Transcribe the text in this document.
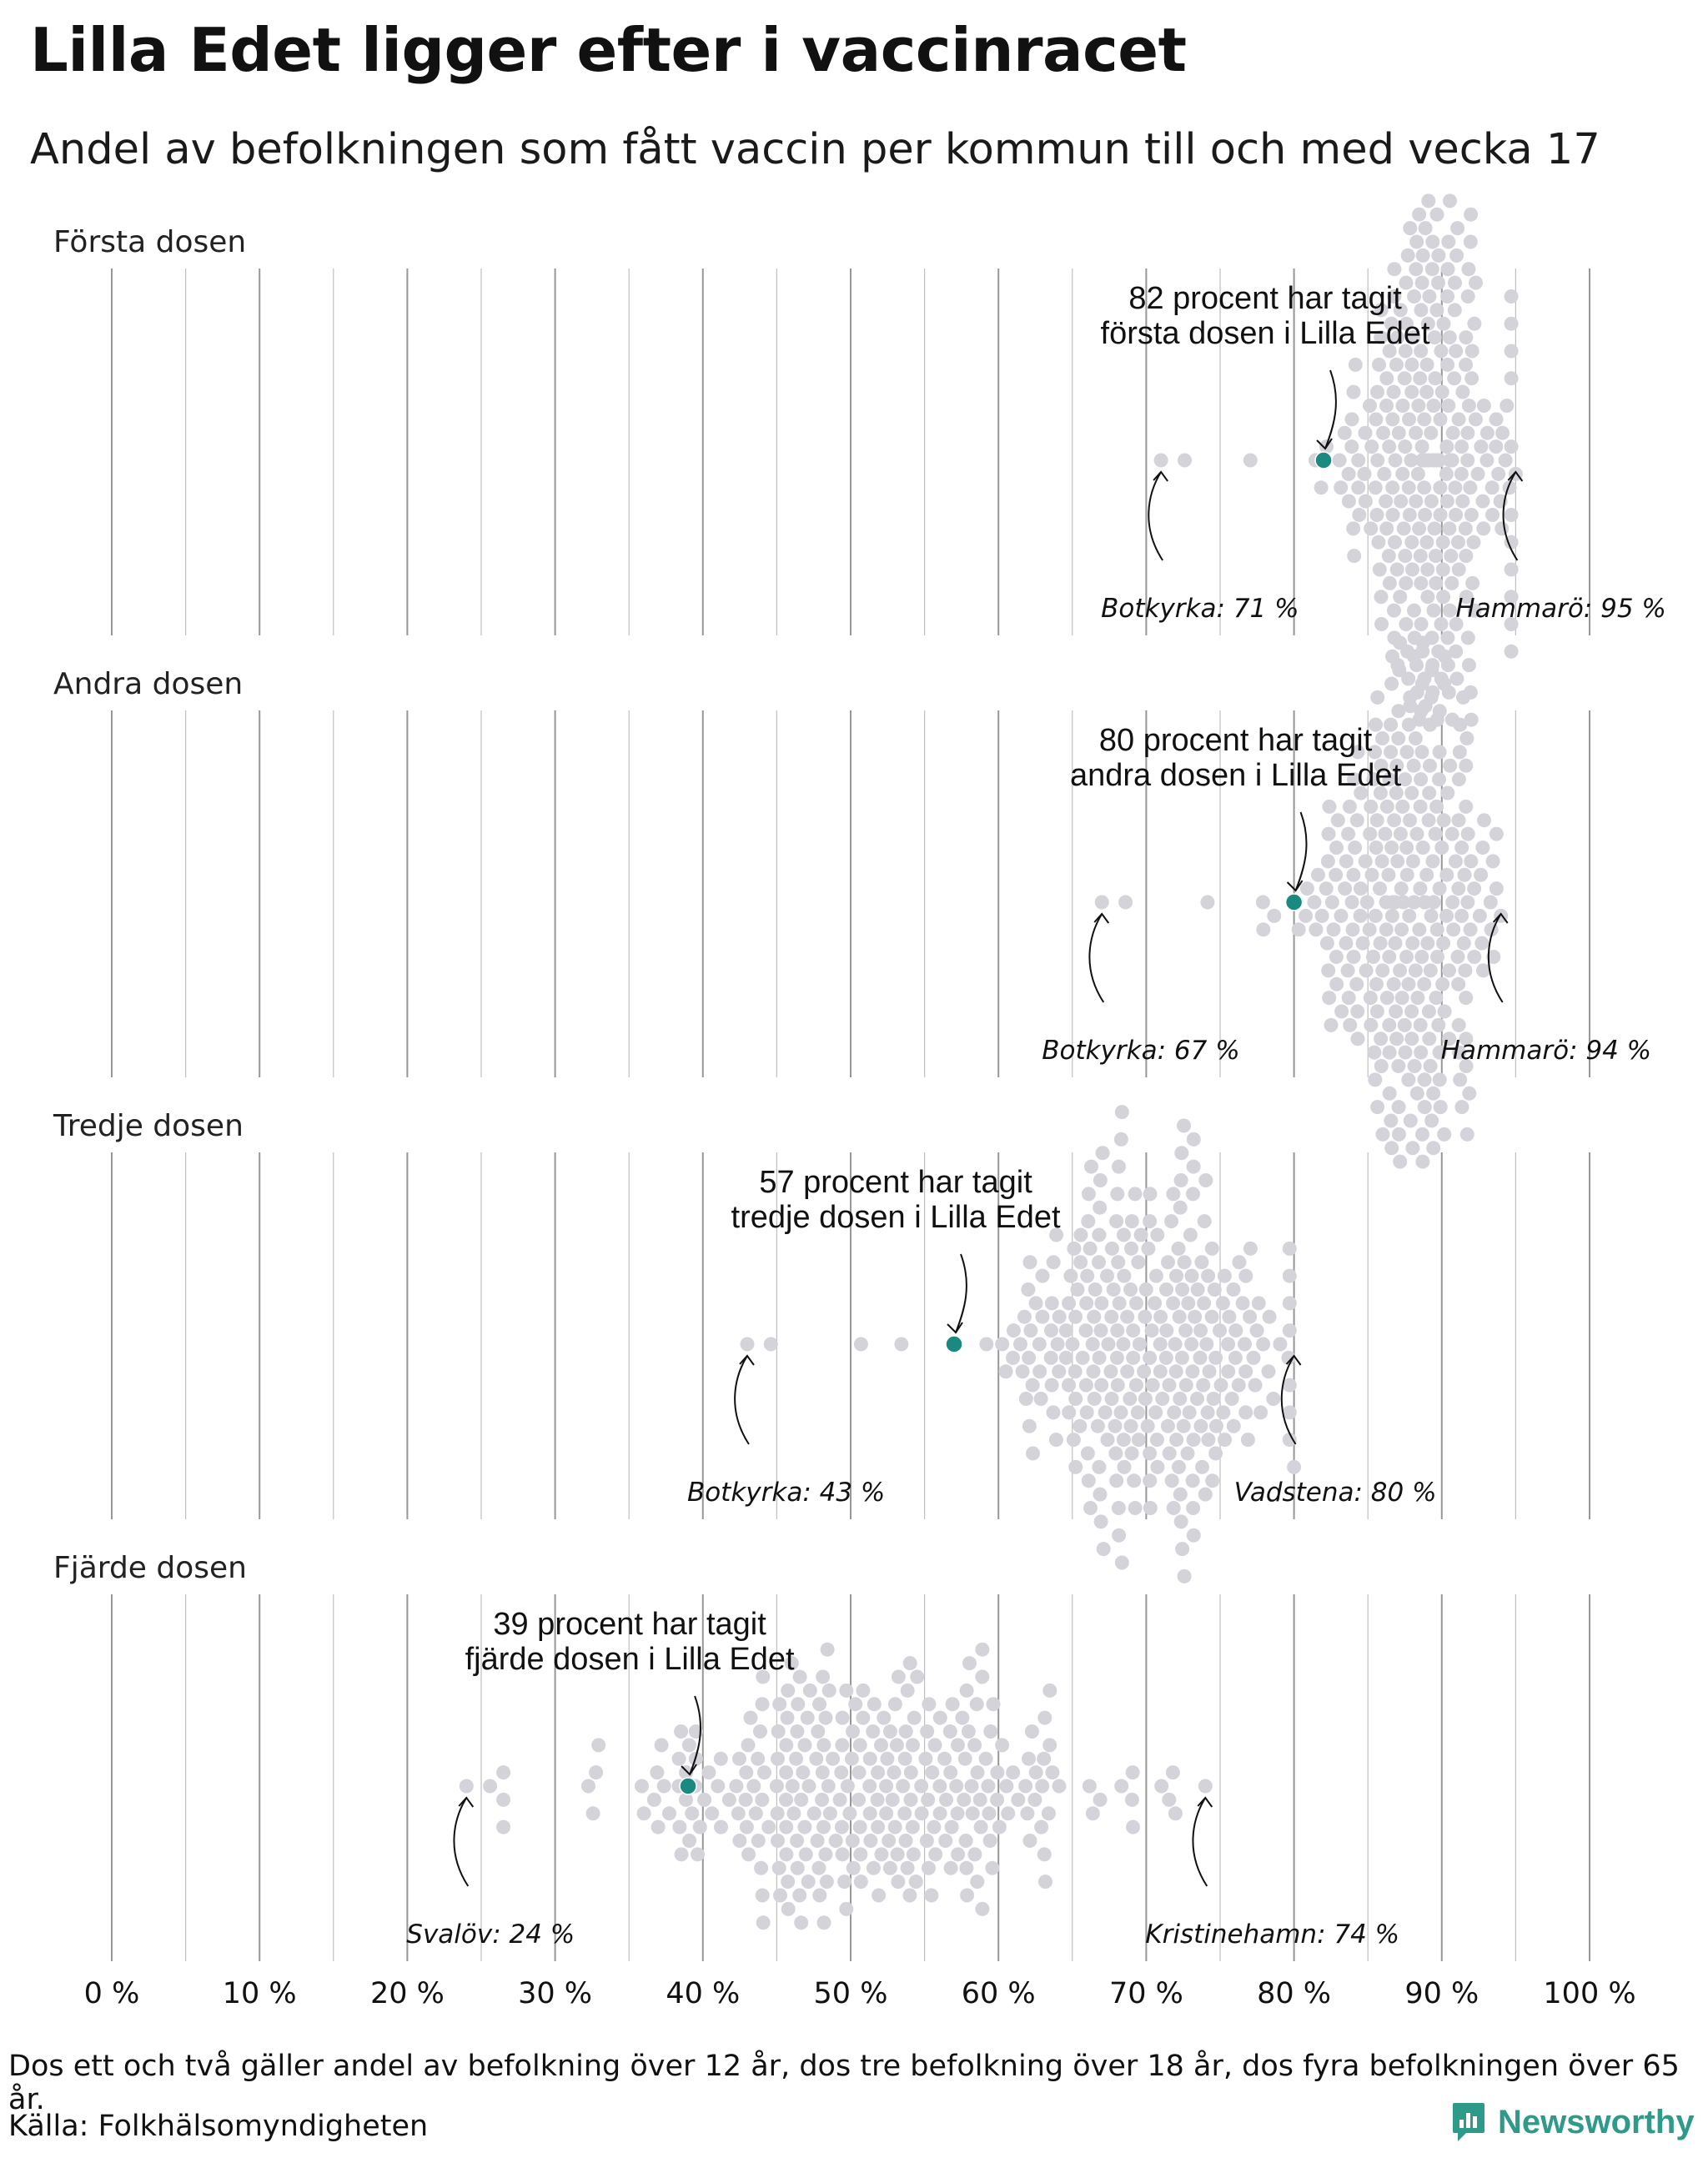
Lilla Edet ligger efter i vaccinracet

Andel av befolkningen som fått vaccin per kommun till och med vecka 17

Första dosen
Andra dosen
Tredje dosen
Fjärde dosen
0 %	10 %	20 %	30 %	40 %	50 %	60 %	70 %	80 %	90 % 100 %
82 procent har tagit
första dosen i Lilla Edet
Botkyrka: 71 %	Hammarö: 95 %
80 procent har tagit
andra dosen i Lilla Edet
Botkyrka: 67 %	Hammarö: 94 %
57 procent har tagit
tredje dosen i Lilla Edet
Botkyrka: 43 %	Vadstena: 80 %
39 procent har tagit
fjärde dosen i Lilla Edet
Svalöv: 24 %	Kristinehamn: 74 %
Dos ett och två gäller andel av befolkning över 12 år, dos tre befolkning över 18 år, dos fyra befolkningen över 65 år.
Källa: Folkhälsomyndigheten	Newsworthy
